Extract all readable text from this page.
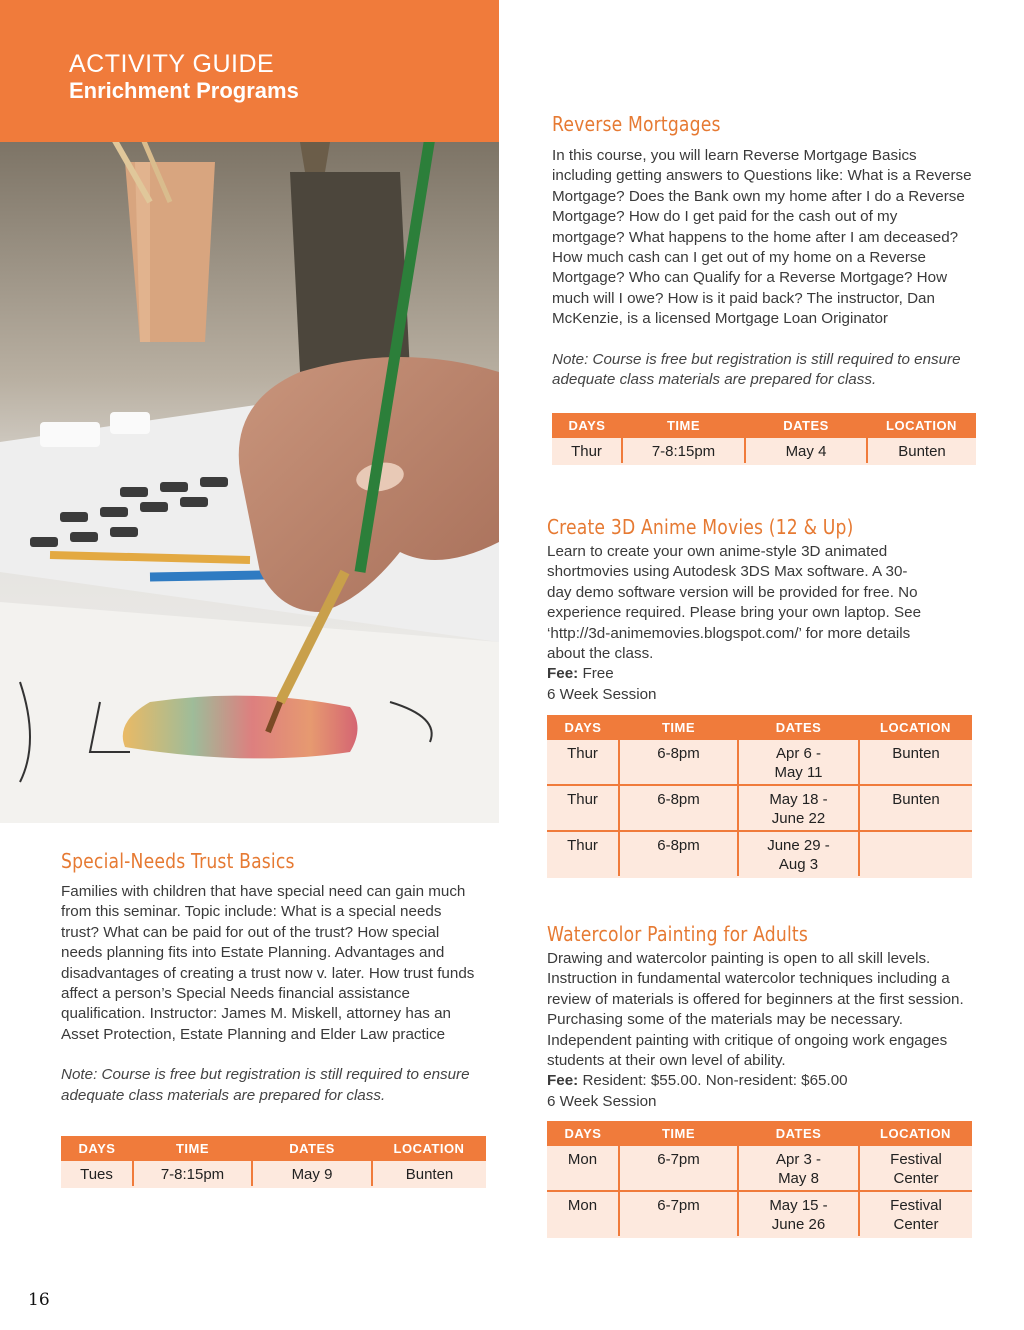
ACTIVITY GUIDE
Enrichment Programs
Reverse Mortgages

In this course, you will learn Reverse Mortgage Basics including getting answers to Questions like: What is a Reverse Mortgage? Does the Bank own my home after I do a Reverse Mortgage? How do I get paid for the cash out of my mortgage? What happens to the home after I am deceased? How much cash can I get out of my home on a Reverse Mortgage? Who can Qualify for a Reverse Mortgage? How much will I owe? How is it paid back? The instructor, Dan McKenzie, is a licensed Mortgage Loan Originator

Note: Course is free but registration is still required to ensure adequate class materials are prepared for class.

DAYS	TIME	DATES	LOCATION
Thur	7-8:15pm	May 4	Bunten
Create 3D Anime Movies (12 & Up)

Learn to create your own anime-style 3D animated shortmovies using Autodesk 3DS Max software. A 30-day demo software version will be provided for free. No experience required. Please bring your own laptop. See ‘http://3d-animemovies.blogspot.com/’ for more details about the class.

Fee: Free

6 Week Session

DAYS	TIME	DATES	LOCATION
Thur	6-8pm	Apr 6 -
May 11	Bunten
Thur	6-8pm	May 18 -
June 22	Bunten
Thur	6-8pm	June 29 -
Aug 3	
Special-Needs Trust Basics

Families with children that have special need can gain much from this seminar. Topic include: What is a special needs trust? What can be paid for out of the trust? How special needs planning fits into Estate Planning. Advantages and disadvantages of creating a trust now v. later. How trust funds affect a person’s Special Needs financial assistance qualification. Instructor: James M. Miskell, attorney has an Asset Protection, Estate Planning and Elder Law practice

Note: Course is free but registration is still required to ensure adequate class materials are prepared for class.

DAYS	TIME	DATES	LOCATION
Tues	7-8:15pm	May 9	Bunten
Watercolor Painting for Adults

Drawing and watercolor painting is open to all skill levels. Instruction in fundamental watercolor techniques including a review of materials is offered for beginners at the first session. Purchasing some of the materials may be necessary. Independent painting with critique of ongoing work engages students at their own level of ability.

Fee: Resident: $55.00. Non-resident: $65.00

6 Week Session

DAYS	TIME	DATES	LOCATION
Mon	6-7pm	Apr 3 -
May 8	Festival
Center
Mon	6-7pm	May 15 -
June 26	Festival
Center
16
